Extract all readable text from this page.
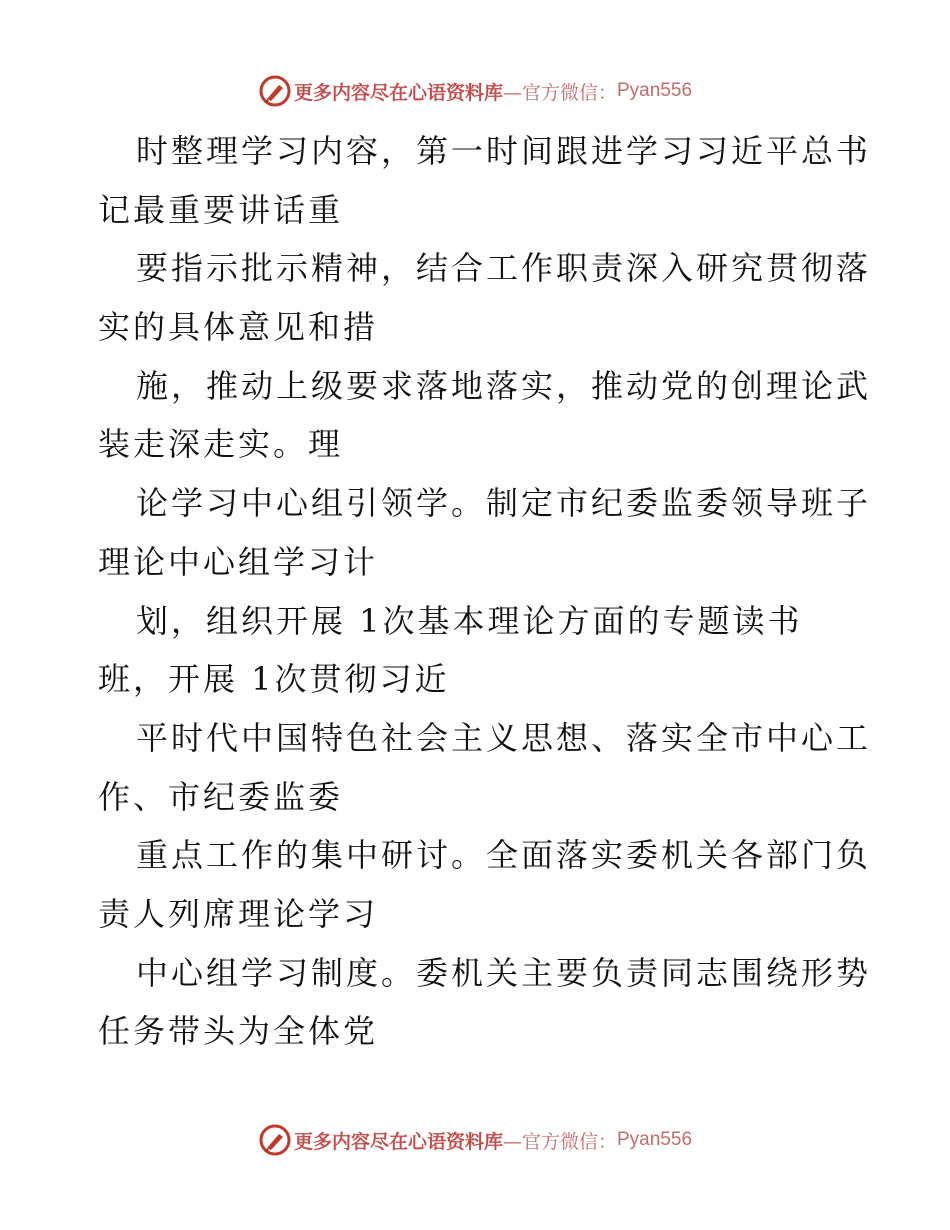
更多内容尽在心语资料库 —官方微信： Pyan556
时整理学习内容，第一时间跟进学习习近平总书
记最重要讲话重
要指示批示精神，结合工作职责深入研究贯彻落
实的具体意见和措
施，推动上级要求落地落实，推动党的创理论武
装走深走实。理
论学习中心组引领学。制定市纪委监委领导班子
理论中心组学习计
划，组织开展 1次基本理论方面的专题读书
班，开展 1次贯彻习近
平时代中国特色社会主义思想、落实全市中心工
作、市纪委监委
重点工作的集中研讨。全面落实委机关各部门负
责人列席理论学习
中心组学习制度。委机关主要负责同志围绕形势
任务带头为全体党
更多内容尽在心语资料库 —官方微信： Pyan556
